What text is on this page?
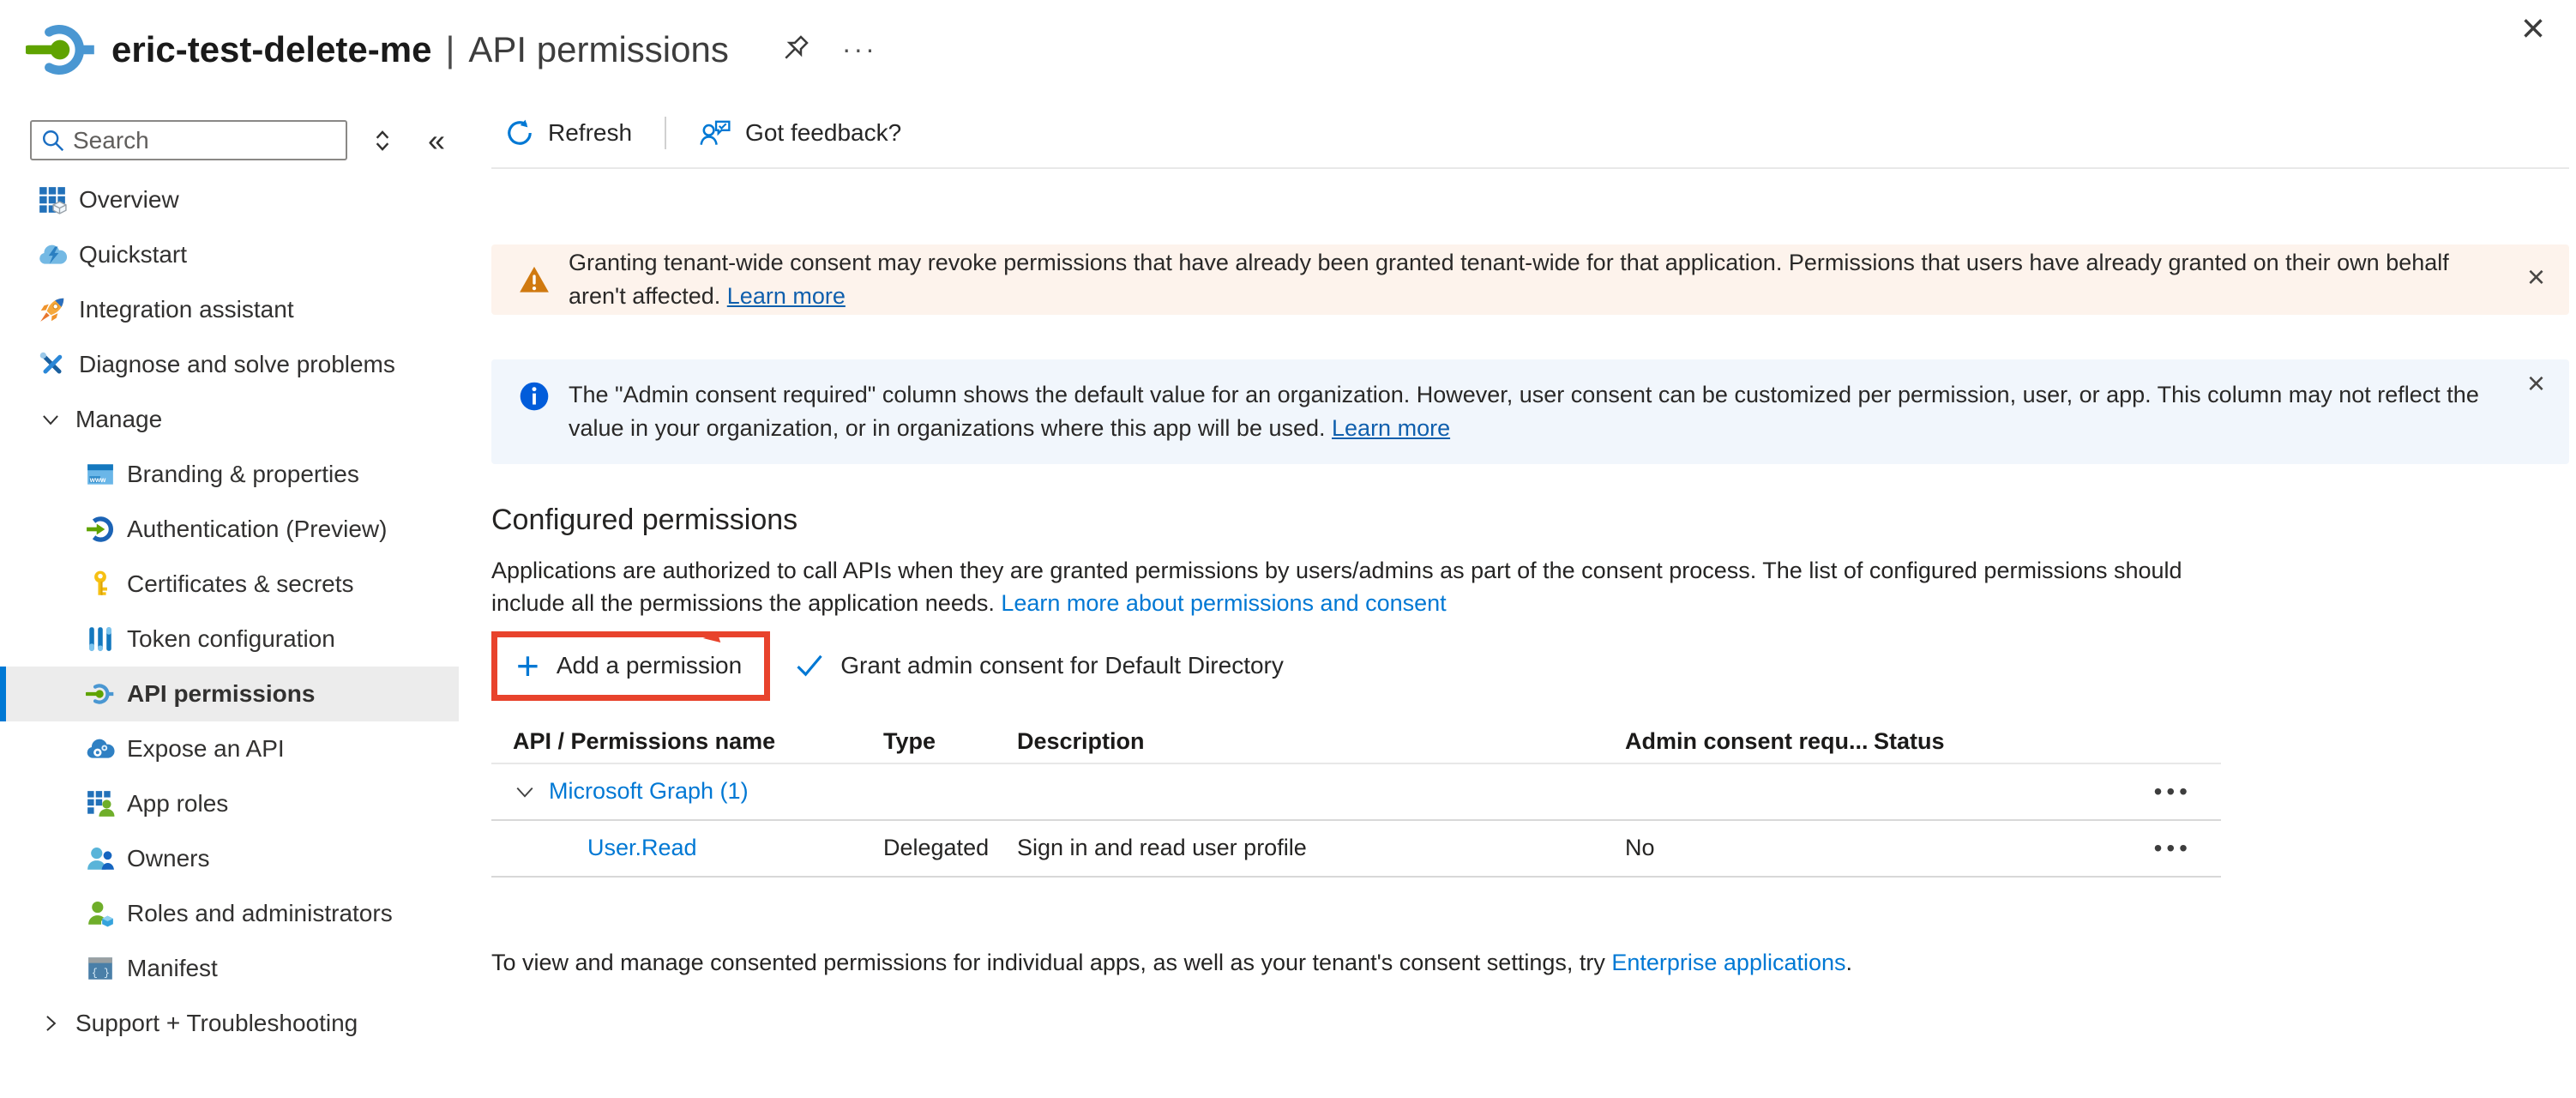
eric-test-delete-me | API permissions	···	×
Search
«
Overview
Quickstart
Integration assistant
Diagnose and solve problems
Manage
www Branding & properties
Authentication (Preview)
Certificates & secrets
Token configuration
API permissions
Expose an API
App roles
Owners
Roles and administrators
{ } Manifest
Support + Troubleshooting
Refresh	Got feedback?
Granting tenant-wide consent may revoke permissions that have already been granted tenant-wide for that application. Permissions that users have already granted on their own behalf aren't affected. Learn more
×
The "Admin consent required" column shows the default value for an organization. However, user consent can be customized per permission, user, or app. This column may not reflect the value in your organization, or in organizations where this app will be used. Learn more
×
Configured permissions

Applications are authorized to call APIs when they are granted permissions by users/admins as part of the consent process. The list of configured permissions should include all the permissions the application needs. Learn more about permissions and consent

+ Add a permission	Grant admin consent for Default Directory
API / Permissions name	Type	Description	Admin consent requ... Status
Microsoft Graph (1)	•••
User.Read	Delegated	Sign in and read user profile	No	•••

To view and manage consented permissions for individual apps, as well as your tenant's consent settings, try Enterprise applications.
